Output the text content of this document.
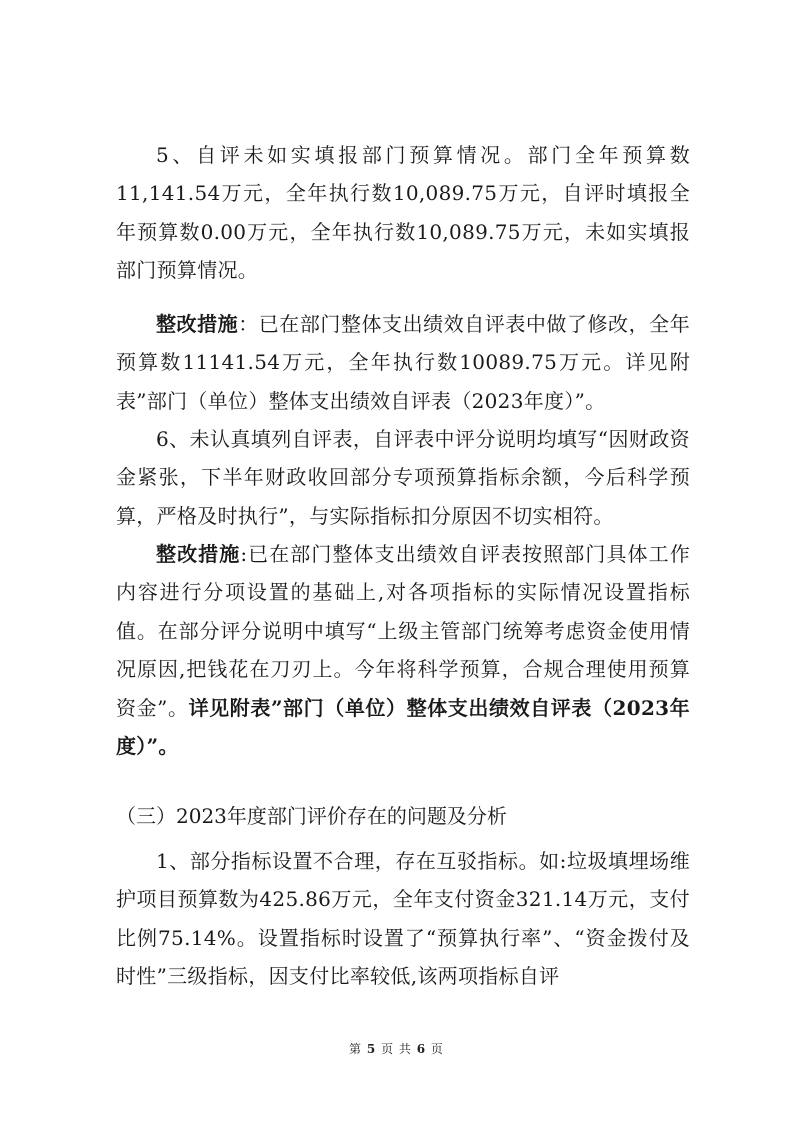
5、自评未如实填报部门预算情况。部门全年预算数11,141.54万元，全年执行数10,089.75万元，自评时填报全年预算数0.00万元，全年执行数10,089.75万元，未如实填报部门预算情况。

整改措施：已在部门整体支出绩效自评表中做了修改，全年预算数11141.54万元，全年执行数10089.75万元。详见附表”部门（单位）整体支出绩效自评表（2023年度）”。

6、未认真填列自评表，自评表中评分说明均填写“因财政资金紧张，下半年财政收回部分专项预算指标余额，今后科学预算，严格及时执行”，与实际指标扣分原因不切实相符。

整改措施:已在部门整体支出绩效自评表按照部门具体工作内容进行分项设置的基础上,对各项指标的实际情况设置指标值。在部分评分说明中填写“上级主管部门统筹考虑资金使用情况原因,把钱花在刀刃上。今年将科学预算，合规合理使用预算资金”。详见附表”部门（单位）整体支出绩效自评表（2023年度）”。

（三）2023年度部门评价存在的问题及分析

1、部分指标设置不合理，存在互驳指标。如:垃圾填埋场维护项目预算数为425.86万元，全年支付资金321.14万元，支付比例75.14%。设置指标时设置了“预算执行率”、“资金拨付及时性”三级指标，因支付比率较低,该两项指标自评

第 5 页 共 6 页
